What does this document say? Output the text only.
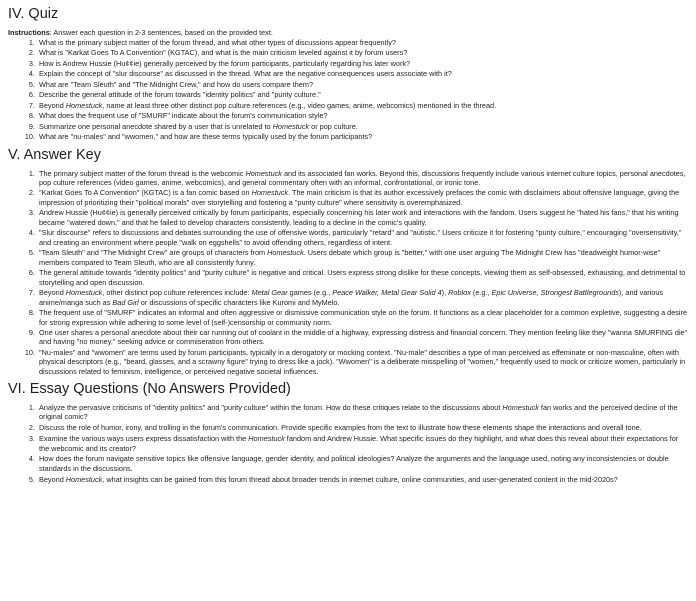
IV. Quiz
Instructions: Answer each question in 2-3 sentences, based on the provided text.
1. What is the primary subject matter of the forum thread, and what other types of discussions appear frequently?
2. What is "Karkat Goes To A Convention" (KGTAC), and what is the main criticism leveled against it by forum users?
3. How is Andrew Hussie (Hu¢¢ie) generally perceived by the forum participants, particularly regarding his later work?
4. Explain the concept of "slur discourse" as discussed in the thread. What are the negative consequences users associate with it?
5. What are "Team Sleuth" and "The Midnight Crew," and how do users compare them?
6. Describe the general attitude of the forum towards "identity politics" and "purity culture."
7. Beyond Homestuck, name at least three other distinct pop culture references (e.g., video games, anime, webcomics) mentioned in the thread.
8. What does the frequent use of "SMURF" indicate about the forum's communication style?
9. Summarize one personal anecdote shared by a user that is unrelated to Homestuck or pop culture.
10. What are "nu-males" and "wwomen," and how are these terms typically used by the forum participants?
V. Answer Key
1. The primary subject matter of the forum thread is the webcomic Homestuck and its associated fan works. Beyond this, discussions frequently include various internet culture topics, personal anecdotes, pop culture references (video games, anime, webcomics), and general commentary often with an informal, confrontational, or ironic tone.
2. "Karkat Goes To A Convention" (KGTAC) is a fan comic based on Homestuck. The main criticism is that its author excessively prefaces the comic with disclaimers about offensive language, giving the impression of prioritizing their "political morals" over storytelling and fostering a "purity culture" where sensitivity is overemphasized.
3. Andrew Hussie (Hu¢¢ie) is generally perceived critically by forum participants, especially concerning his later work and interactions with the fandom. Users suggest he "hated his fans," that his writing became "watered down," and that he failed to develop characters consistently, leading to a decline in the comic's quality.
4. "Slur discourse" refers to discussions and debates surrounding the use of offensive words, particularly "retard" and "autistic." Users criticize it for fostering "purity culture," encouraging "oversensitivity," and creating an environment where people "walk on eggshells" to avoid offending others, regardless of intent.
5. "Team Sleuth" and "The Midnight Crew" are groups of characters from Homestuck. Users debate which group is "better," with one user arguing The Midnight Crew has "deadweight humor-wise" members compared to Team Sleuth, who are all consistently funny.
6. The general attitude towards "identity politics" and "purity culture" is negative and critical. Users express strong dislike for these concepts, viewing them as self-obsessed, exhausting, and detrimental to storytelling and open discussion.
7. Beyond Homestuck, other distinct pop culture references include: Metal Gear games (e.g., Peace Walker, Metal Gear Solid 4), Roblox (e.g., Epic Universe, Strongest Battlegrounds), and various anime/manga such as Bad Girl or discussions of specific characters like Kuromi and MyMelo.
8. The frequent use of "SMURF" indicates an informal and often aggressive or dismissive communication style on the forum. It functions as a clear placeholder for a common expletive, suggesting a desire for strong expression while adhering to some level of (self-)censorship or community norm.
9. One user shares a personal anecdote about their car running out of coolant in the middle of a highway, expressing distress and financial concern. They mention feeling like they "wanna SMURFING die" and having "no money," seeking advice or commiseration from others.
10. "Nu-males" and "wwomen" are terms used by forum participants, typically in a derogatory or mocking context. "Nu-male" describes a type of man perceived as effeminate or non-masculine, often with physical descriptors (e.g., "beard, glasses, and a scrawny figure" trying to dress like a jock). "Wwomen" is a deliberate misspelling of "women," frequently used to mock or criticize women, particularly in discussions related to feminism, intelligence, or perceived negative societal influences.
VI. Essay Questions (No Answers Provided)
1. Analyze the pervasive criticisms of "identity politics" and "purity culture" within the forum. How do these critiques relate to the discussions about Homestuck fan works and the perceived decline of the original comic?
2. Discuss the role of humor, irony, and trolling in the forum's communication. Provide specific examples from the text to illustrate how these elements shape the interactions and overall tone.
3. Examine the various ways users express dissatisfaction with the Homestuck fandom and Andrew Hussie. What specific issues do they highlight, and what does this reveal about their expectations for the webcomic and its creator?
4. How does the forum navigate sensitive topics like offensive language, gender identity, and political ideologies? Analyze the arguments and the language used, noting any inconsistencies or double standards in the discussions.
5. Beyond Homestuck, what insights can be gained from this forum thread about broader trends in internet culture, online communities, and user-generated content in the mid-2020s?
